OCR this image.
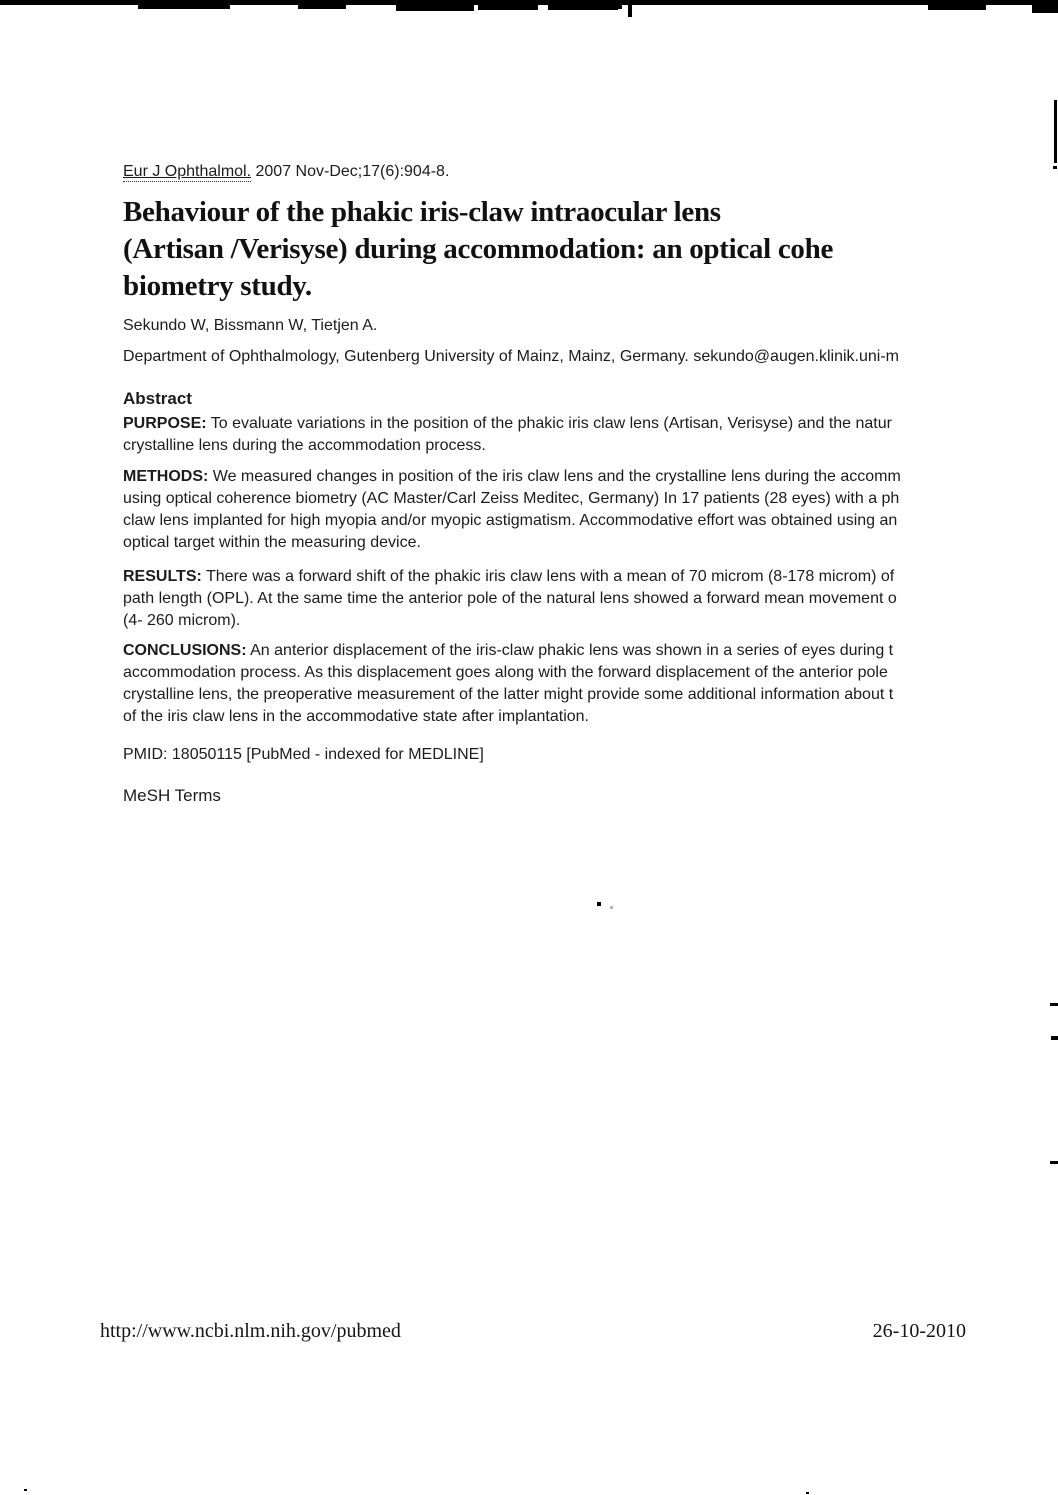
Eur J Ophthalmol. 2007 Nov-Dec;17(6):904-8.
Behaviour of the phakic iris-claw intraocular lens
(Artisan /Verisyse) during accommodation: an optical cohe
biometry study.
Sekundo W, Bissmann W, Tietjen A.
Department of Ophthalmology, Gutenberg University of Mainz, Mainz, Germany. sekundo@augen.klinik.uni-m
Abstract
PURPOSE: To evaluate variations in the position of the phakic iris claw lens (Artisan, Verisyse) and the natur
crystalline lens during the accommodation process.
METHODS: We measured changes in position of the iris claw lens and the crystalline lens during the accomm
using optical coherence biometry (AC Master/Carl Zeiss Meditec, Germany) In 17 patients (28 eyes) with a ph
claw lens implanted for high myopia and/or myopic astigmatism. Accommodative effort was obtained using an
optical target within the measuring device.
RESULTS: There was a forward shift of the phakic iris claw lens with a mean of 70 microm (8-178 microm) of
path length (OPL). At the same time the anterior pole of the natural lens showed a forward mean movement o
(4- 260 microm).
CONCLUSIONS: An anterior displacement of the iris-claw phakic lens was shown in a series of eyes during t
accommodation process. As this displacement goes along with the forward displacement of the anterior pole
crystalline lens, the preoperative measurement of the latter might provide some additional information about t
of the iris claw lens in the accommodative state after implantation.
PMID: 18050115 [PubMed - indexed for MEDLINE]
MeSH Terms
http://www.ncbi.nlm.nih.gov/pubmed	26-10-2010
